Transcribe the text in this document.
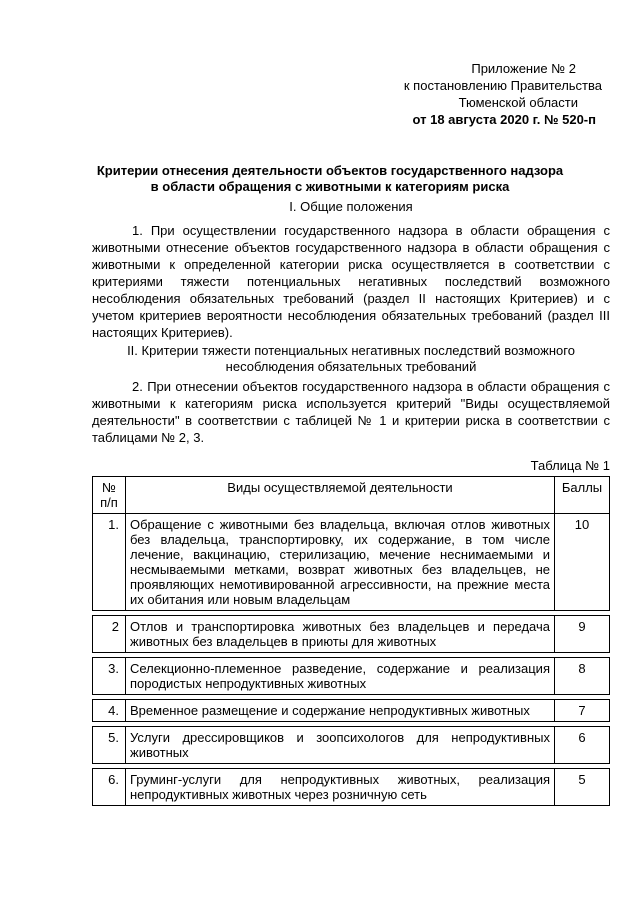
Приложение № 2
к постановлению Правительства
Тюменской области
от 18 августа 2020 г. № 520-п
Критерии отнесения деятельности объектов государственного надзора
в области обращения с животными к категориям риска
I. Общие положения
1. При осуществлении государственного надзора в области обращения с животными отнесение объектов государственного надзора в области обращения с животными к определенной категории риска осуществляется в соответствии с критериями тяжести потенциальных негативных последствий возможного несоблюдения обязательных требований (раздел II настоящих Критериев) и с учетом критериев вероятности несоблюдения обязательных требований (раздел III настоящих Критериев).
II. Критерии тяжести потенциальных негативных последствий возможного
несоблюдения обязательных требований
2. При отнесении объектов государственного надзора в области обращения с животными к категориям риска используется критерий "Виды осуществляемой деятельности" в соответствии с таблицей № 1 и критерии риска в соответствии с таблицами № 2, 3.
Таблица № 1
№ п/п	Виды осуществляемой деятельности	Баллы
1.	Обращение с животными без владельца, включая отлов животных без владельца, транспортировку, их содержание, в том числе лечение, вакцинацию, стерилизацию, мечение неснимаемыми и несмываемыми метками, возврат животных без владельцев, не проявляющих немотивированной агрессивности, на прежние места их обитания или новым владельцам	10

2	Отлов и транспортировка животных без владельцев и передача животных без владельцев в приюты для животных	9

3.	Селекционно-племенное разведение, содержание и реализация породистых непродуктивных животных	8

4.	Временное размещение и содержание непродуктивных животных	7

5.	Услуги дрессировщиков и зоопсихологов для непродуктивных животных	6

6.	Груминг-услуги для непродуктивных животных, реализация непродуктивных животных через розничную сеть	5
